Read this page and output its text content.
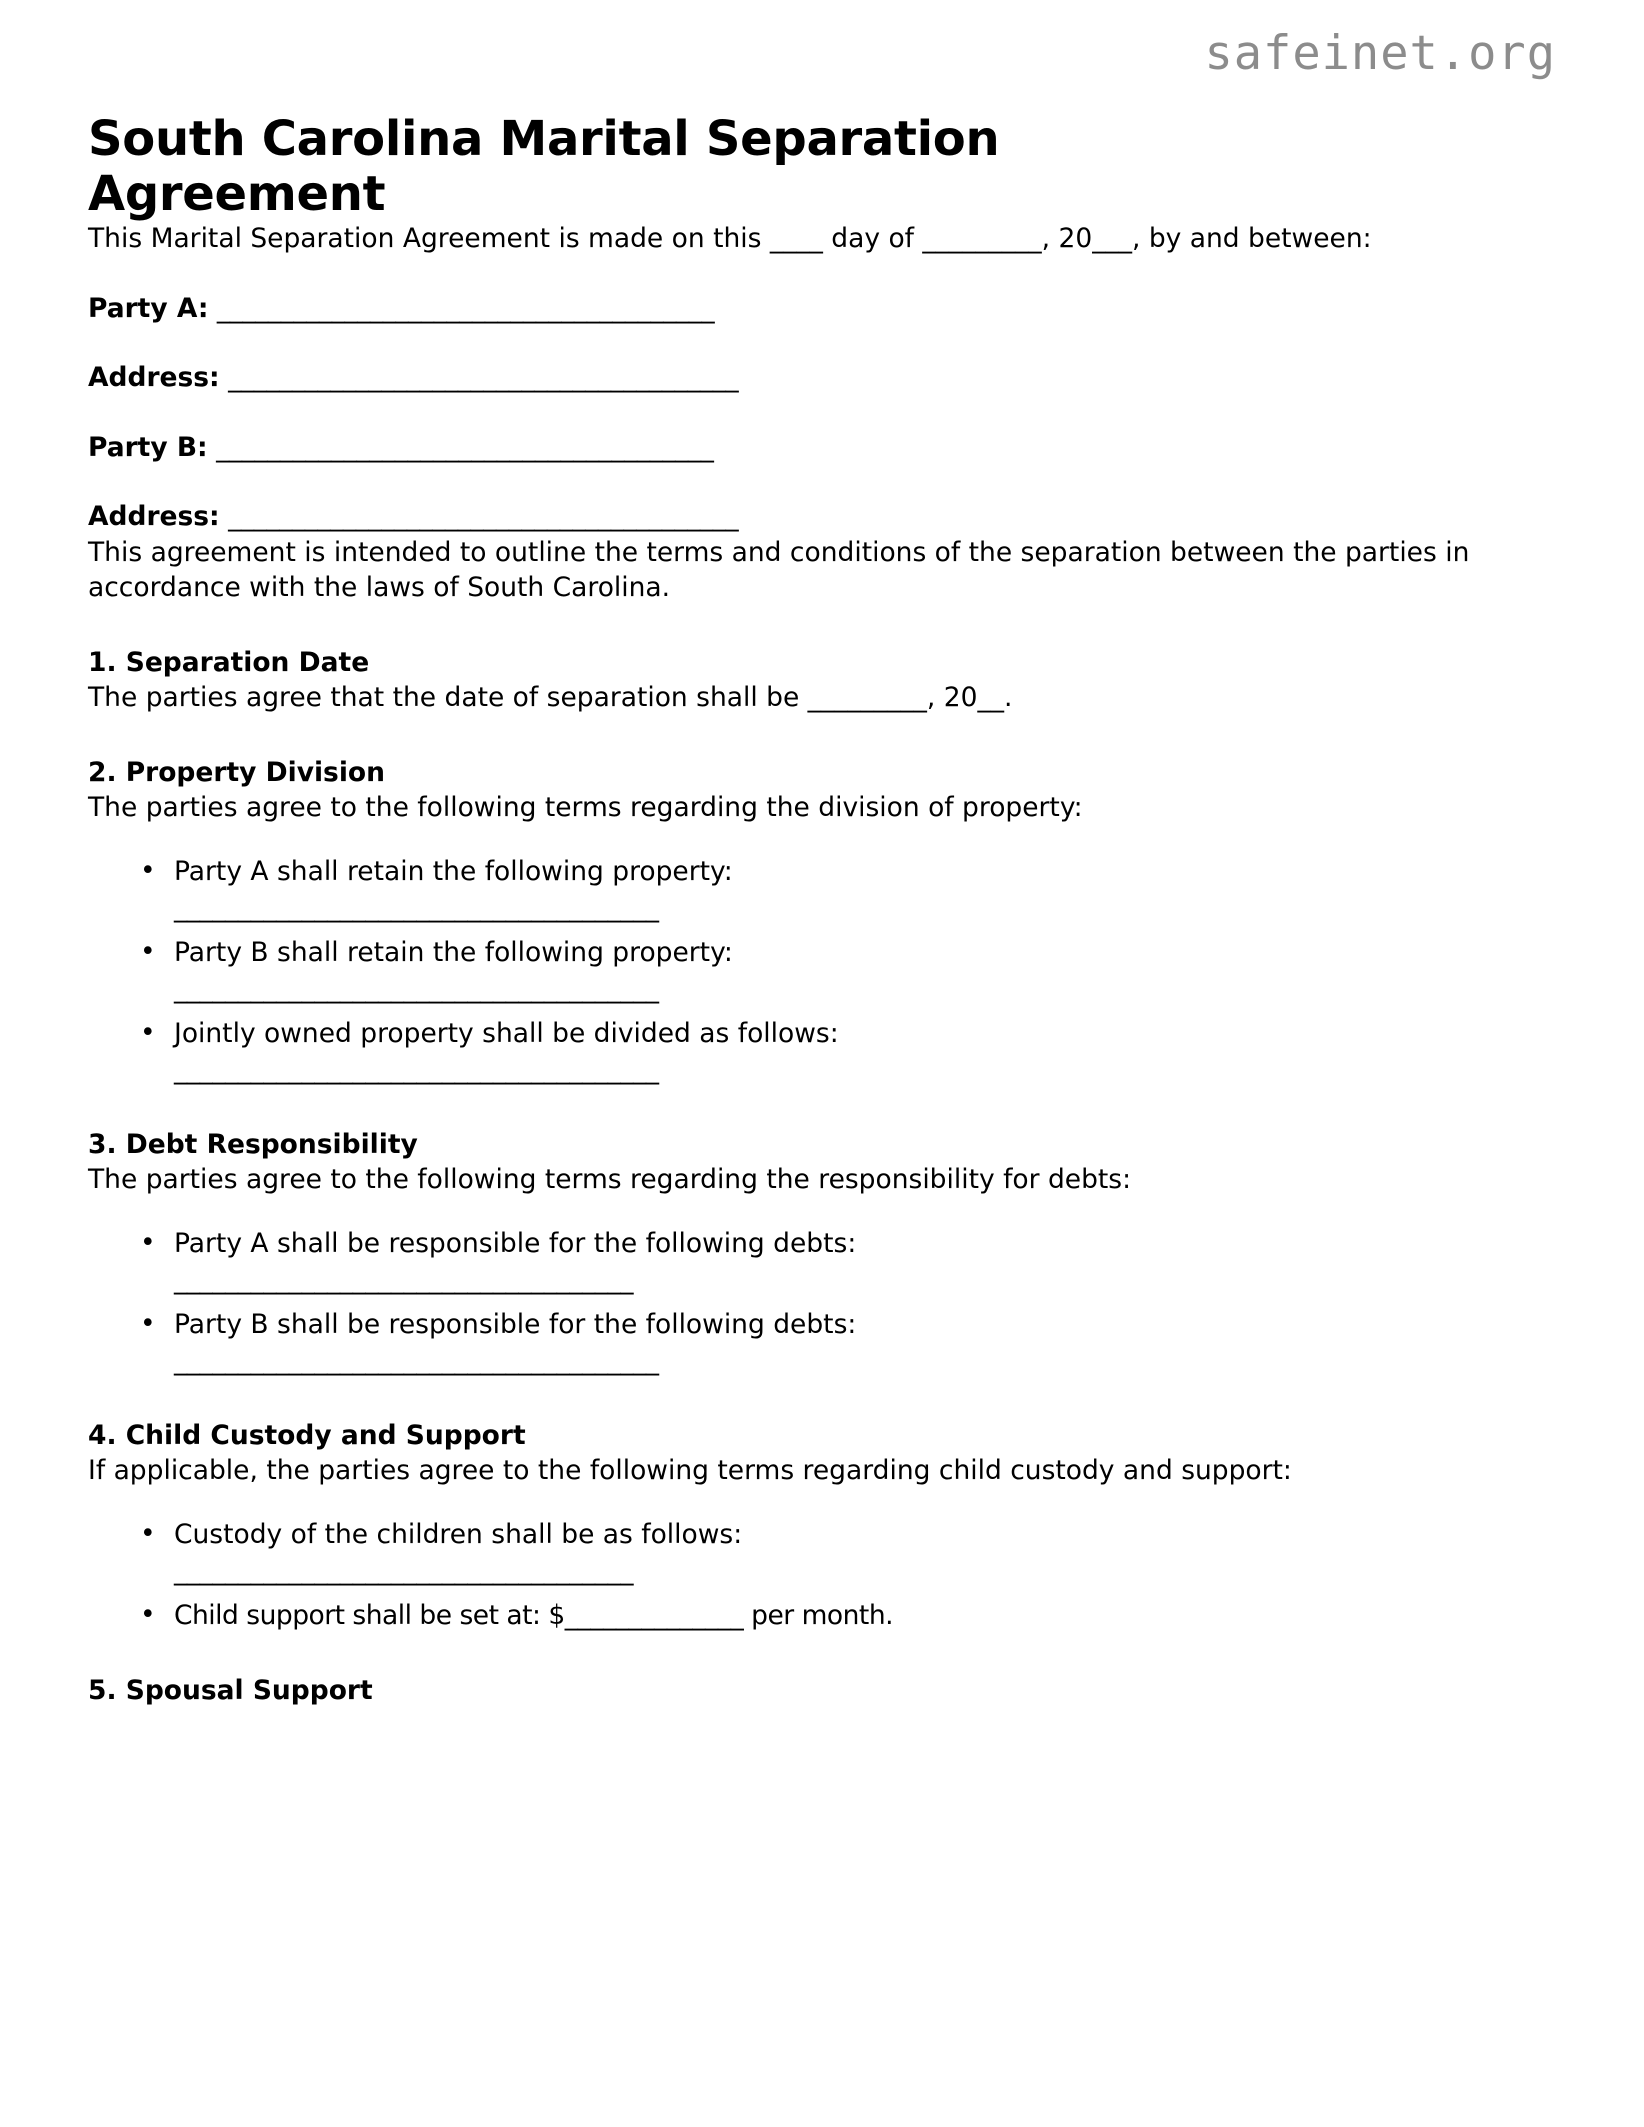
safeinet.org
South Carolina Marital Separation Agreement

This Marital Separation Agreement is made on this ____ day of _________, 20___, by and between:

Party A: _______________________________________
Address: ________________________________________
Party B: _______________________________________
Address: ________________________________________

This agreement is intended to outline the terms and conditions of the separation between the parties in accordance with the laws of South Carolina.

1. Separation Date

The parties agree that the date of separation shall be _________, 20__.

2. Property Division

The parties agree to the following terms regarding the division of property:

• Party A shall retain the following property:
______________________________________
• Party B shall retain the following property:
______________________________________
• Jointly owned property shall be divided as follows:
______________________________________
3. Debt Responsibility

The parties agree to the following terms regarding the responsibility for debts:

• Party A shall be responsible for the following debts:
____________________________________
• Party B shall be responsible for the following debts:
______________________________________
4. Child Custody and Support

If applicable, the parties agree to the following terms regarding child custody and support:

• Custody of the children shall be as follows:
____________________________________
• Child support shall be set at: $______________ per month.
5. Spousal Support
